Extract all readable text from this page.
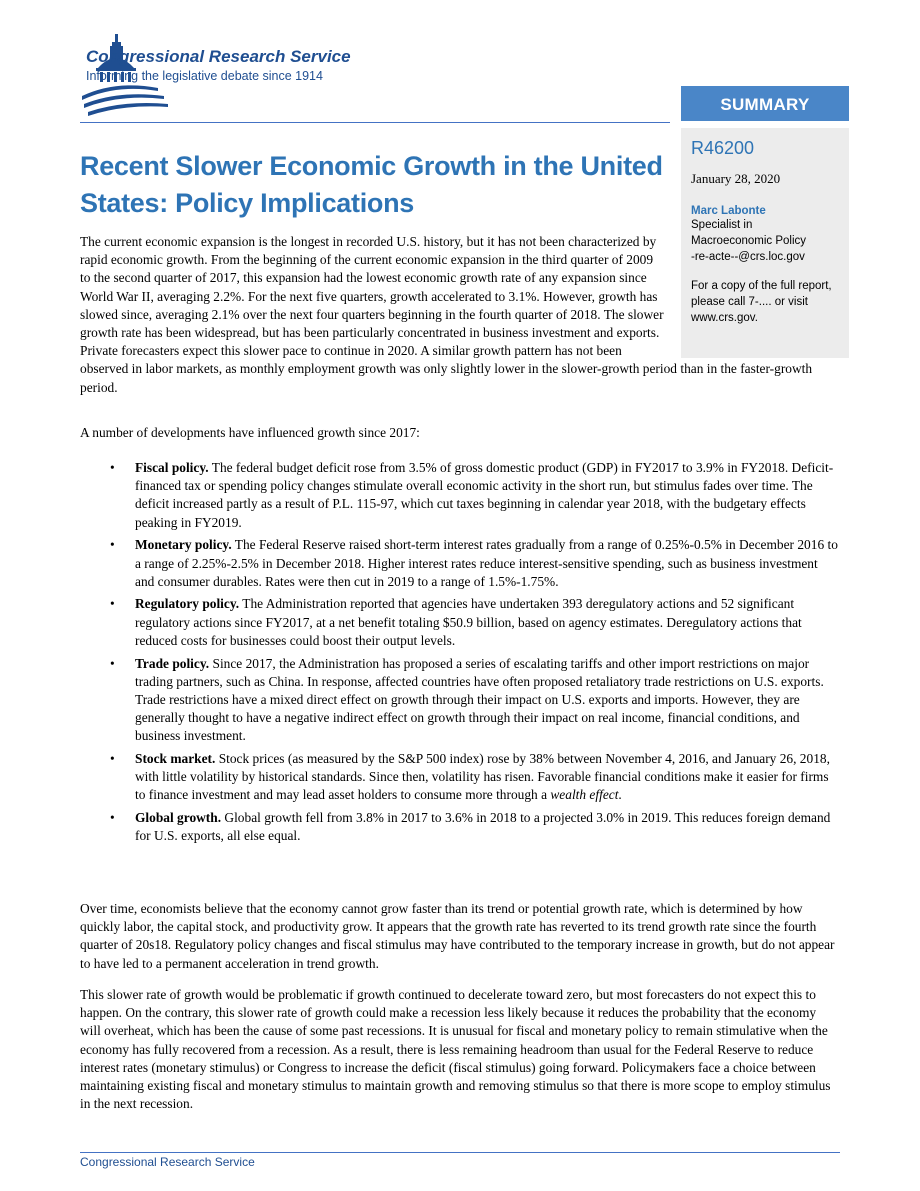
Congressional Research Service
Informing the legislative debate since 1914
SUMMARY
R46200
January 28, 2020
Marc Labonte
Specialist in
Macroeconomic Policy
-re-acte--@crs.loc.gov
For a copy of the full report,
please call 7-.... or visit
www.crs.gov.
Recent Slower Economic Growth in the United
States: Policy Implications
The current economic expansion is the longest in recorded U.S. history, but it has not been characterized by rapid economic growth. From the beginning of the current economic expansion in the third quarter of 2009 to the second quarter of 2017, this expansion had the lowest economic growth rate of any expansion since World War II, averaging 2.2%. For the next five quarters, growth accelerated to 3.1%. However, growth has slowed since, averaging 2.1% over the next four quarters beginning in the fourth quarter of 2018. The slower growth rate has been widespread, but has been particularly concentrated in business investment and exports. Private forecasters expect this slower pace to continue in 2020. A similar growth pattern has not been
observed in labor markets, as monthly employment growth was only slightly lower in the slower-growth period than in the faster-growth period.
A number of developments have influenced growth since 2017:
• Fiscal policy. The federal budget deficit rose from 3.5% of gross domestic product (GDP) in FY2017 to 3.9% in FY2018. Deficit-financed tax or spending policy changes stimulate overall economic activity in the short run, but stimulus fades over time. The deficit increased partly as a result of P.L. 115-97, which cut taxes beginning in calendar year 2018, with the budgetary effects peaking in FY2019.
• Monetary policy. The Federal Reserve raised short-term interest rates gradually from a range of 0.25%-0.5% in December 2016 to a range of 2.25%-2.5% in December 2018. Higher interest rates reduce interest-sensitive spending, such as business investment and consumer durables. Rates were then cut in 2019 to a range of 1.5%-1.75%.
• Regulatory policy. The Administration reported that agencies have undertaken 393 deregulatory actions and 52 significant regulatory actions since FY2017, at a net benefit totaling $50.9 billion, based on agency estimates. Deregulatory actions that reduced costs for businesses could boost their output levels.
• Trade policy. Since 2017, the Administration has proposed a series of escalating tariffs and other import restrictions on major trading partners, such as China. In response, affected countries have often proposed retaliatory trade restrictions on U.S. exports. Trade restrictions have a mixed direct effect on growth through their impact on U.S. exports and imports. However, they are generally thought to have a negative indirect effect on growth through their impact on real income, financial conditions, and business investment.
• Stock market. Stock prices (as measured by the S&P 500 index) rose by 38% between November 4, 2016, and January 26, 2018, with little volatility by historical standards. Since then, volatility has risen. Favorable financial conditions make it easier for firms to finance investment and may lead asset holders to consume more through a wealth effect.
• Global growth. Global growth fell from 3.8% in 2017 to 3.6% in 2018 to a projected 3.0% in 2019. This reduces foreign demand for U.S. exports, all else equal.
Over time, economists believe that the economy cannot grow faster than its trend or potential growth rate, which is determined by how quickly labor, the capital stock, and productivity grow. It appears that the growth rate has reverted to its trend growth rate since the fourth quarter of 20s18. Regulatory policy changes and fiscal stimulus may have contributed to the temporary increase in growth, but do not appear to have led to a permanent acceleration in trend growth.
This slower rate of growth would be problematic if growth continued to decelerate toward zero, but most forecasters do not expect this to happen. On the contrary, this slower rate of growth could make a recession less likely because it reduces the probability that the economy will overheat, which has been the cause of some past recessions. It is unusual for fiscal and monetary policy to remain stimulative when the economy has fully recovered from a recession. As a result, there is less remaining headroom than usual for the Federal Reserve to reduce interest rates (monetary stimulus) or Congress to increase the deficit (fiscal stimulus) going forward. Policymakers face a choice between maintaining existing fiscal and monetary stimulus to maintain growth and removing stimulus so that there is more scope to employ stimulus in the next recession.
Congressional Research Service
